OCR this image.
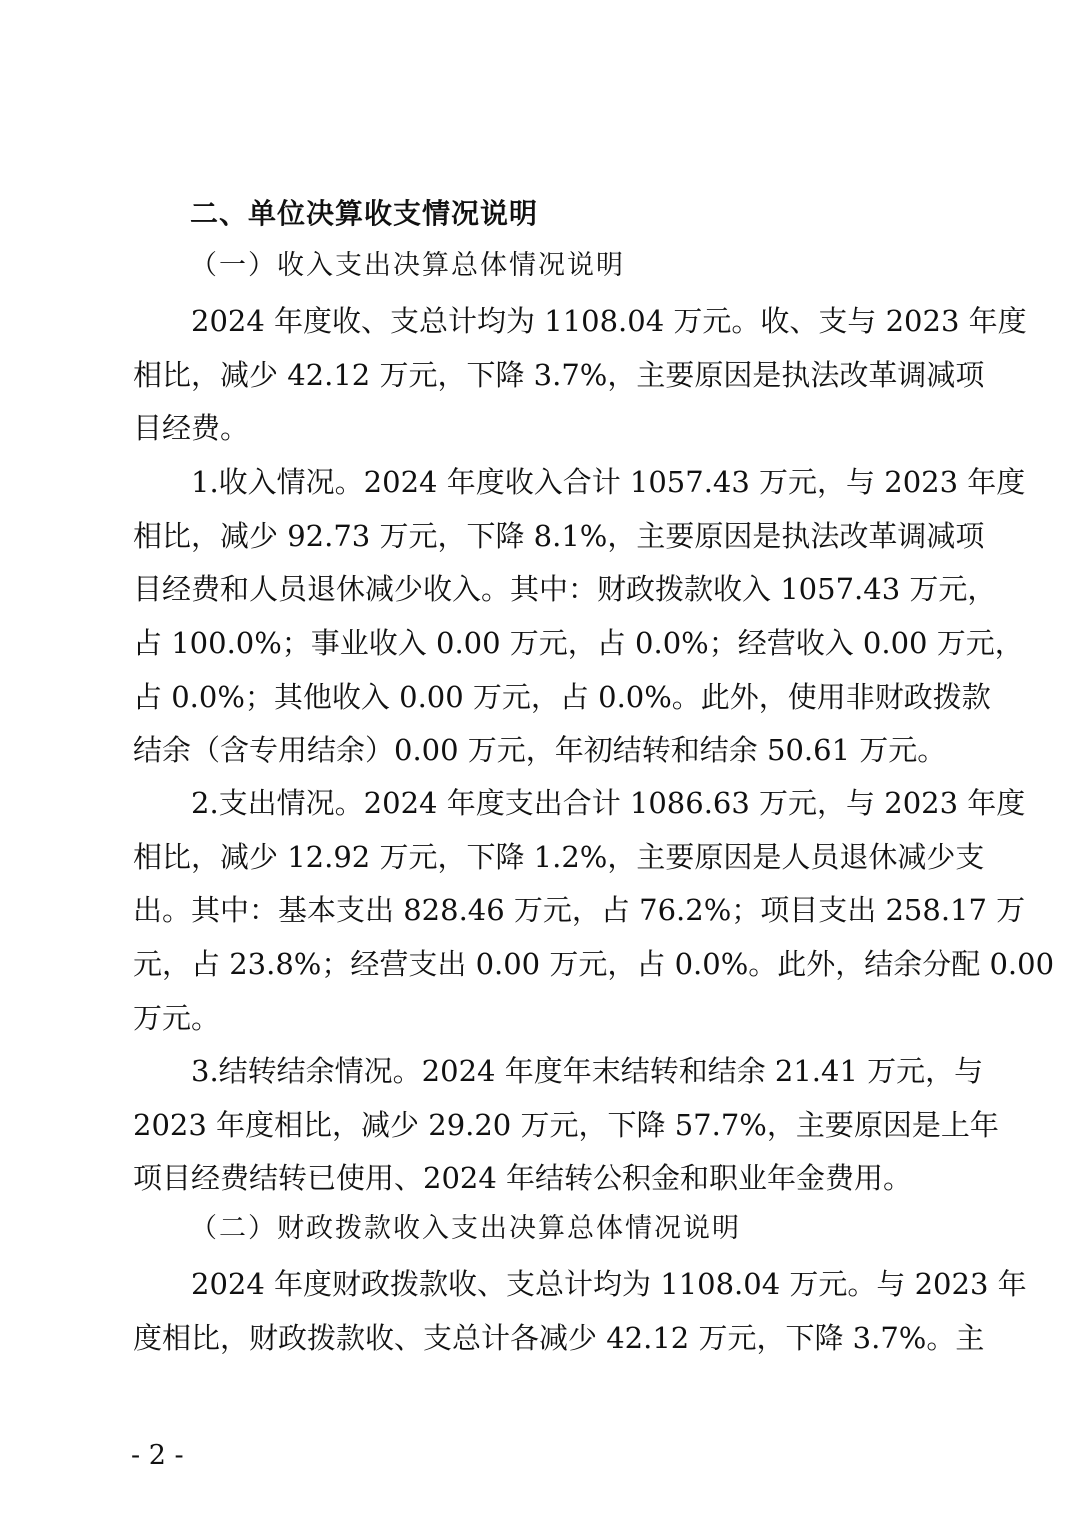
二、单位决算收支情况说明
（一）收入支出决算总体情况说明
2024 年度收、支总计均为 1108.04 万元。收、支与 2023 年度
相比，减少 42.12 万元，下降 3.7%，主要原因是执法改革调减项
目经费。
1.收入情况。2024 年度收入合计 1057.43 万元，与 2023 年度
相比，减少 92.73 万元，下降 8.1%，主要原因是执法改革调减项
目经费和人员退休减少收入。其中：财政拨款收入 1057.43 万元，
占 100.0%；事业收入 0.00 万元，占 0.0%；经营收入 0.00 万元，
占 0.0%；其他收入 0.00 万元，占 0.0%。此外，使用非财政拨款
结余（含专用结余）0.00 万元，年初结转和结余 50.61 万元。
2.支出情况。2024 年度支出合计 1086.63 万元，与 2023 年度
相比，减少 12.92 万元，下降 1.2%，主要原因是人员退休减少支
出。其中：基本支出 828.46 万元，占 76.2%；项目支出 258.17 万
元，占 23.8%；经营支出 0.00 万元，占 0.0%。此外，结余分配 0.00
万元。
3.结转结余情况。2024 年度年末结转和结余 21.41 万元，与
2023 年度相比，减少 29.20 万元，下降 57.7%，主要原因是上年
项目经费结转已使用、2024 年结转公积金和职业年金费用。
（二）财政拨款收入支出决算总体情况说明
2024 年度财政拨款收、支总计均为 1108.04 万元。与 2023 年
度相比，财政拨款收、支总计各减少 42.12 万元，下降 3.7%。主
- 2 -
